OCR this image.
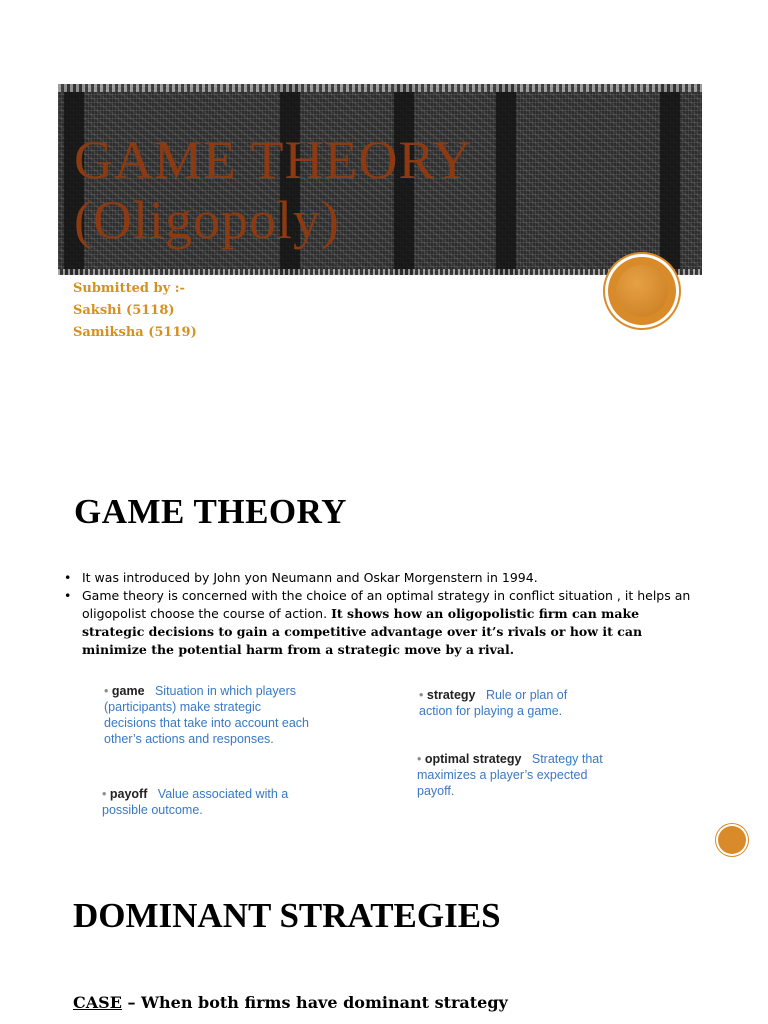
GAME THEORY
(Oligopoly)
Submitted by :-
Sakshi (5118)
Samiksha (5119)
GAME THEORY
• It was introduced by John yon Neumann and Oskar Morgenstern in 1994.
• Game theory is concerned with the choice of an optimal strategy in conflict situation , it helps an oligopolist choose the course of action. It shows how an oligopolistic firm can make strategic decisions to gain a competitive advantage over it’s rivals or how it can minimize the potential harm from a strategic move by a rival.
• game Situation in which players (participants) make strategic decisions that take into account each other’s actions and responses.
• payoff Value associated with a possible outcome.
• strategy Rule or plan of action for playing a game.
• optimal strategy Strategy that maximizes a player’s expected payoff.
DOMINANT STRATEGIES
CASE – When both firms have dominant strategy
